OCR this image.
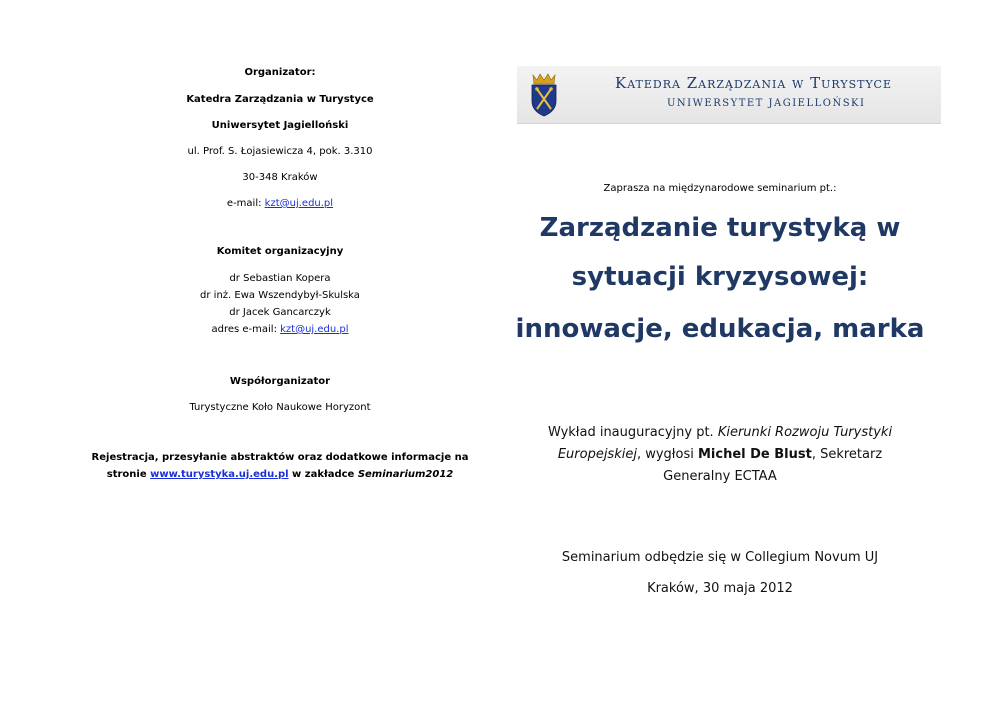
Organizator:
Katedra Zarządzania w Turystyce
Uniwersytet Jagielloński
ul. Prof. S. Łojasiewicza 4, pok. 3.310
30-348 Kraków
e-mail: kzt@uj.edu.pl
Komitet organizacyjny
dr Sebastian Kopera
dr inż. Ewa Wszendybył-Skulska
dr Jacek Gancarczyk
adres e-mail: kzt@uj.edu.pl
Współorganizator
Turystyczne Koło Naukowe Horyzont
Rejestracja, przesyłanie abstraktów oraz dodatkowe informacje na
stronie www.turystyka.uj.edu.pl w zakładce Seminarium2012
Katedra Zarządzania w Turystyce
UNIWERSYTET JAGIELLOŃSKI
Zaprasza na międzynarodowe seminarium pt.:
Zarządzanie turystyką w
sytuacji kryzysowej:
innowacje, edukacja, marka
Wykład inauguracyjny pt. Kierunki Rozwoju Turystyki
Europejskiej, wygłosi Michel De Blust, Sekretarz
Generalny ECTAA
Seminarium odbędzie się w Collegium Novum UJ
Kraków, 30 maja 2012
